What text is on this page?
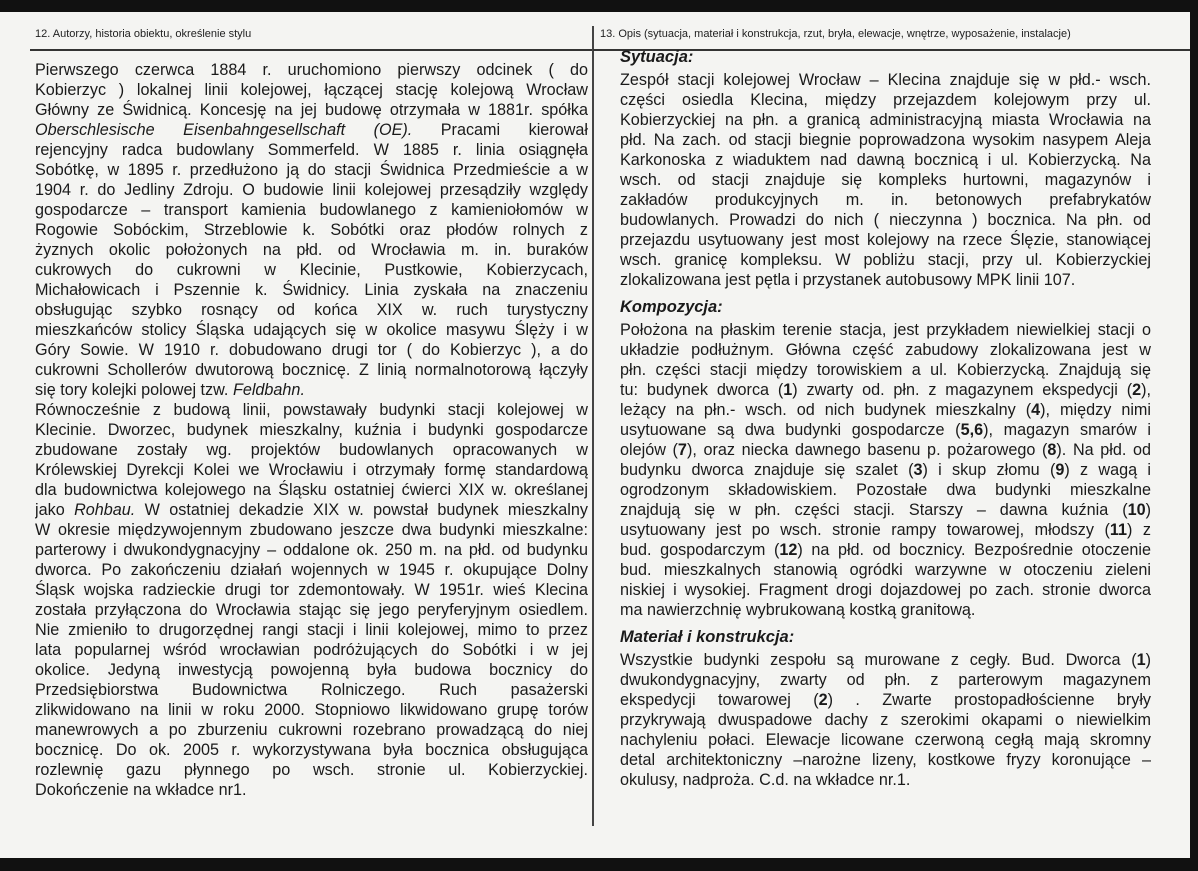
12. Autorzy, historia obiektu, określenie stylu	13. Opis (sytuacja, materiał i konstrukcja, rzut, bryła, elewacje, wnętrze, wyposażenie, instalacje)
Pierwszego czerwca 1884 r. uruchomiono pierwszy odcinek ( do
Kobierzyc ) lokalnej linii kolejowej, łączącej stację kolejową Wrocław
Główny ze Świdnicą. Koncesję na jej budowę otrzymała w 1881r. spółka
Oberschlesische Eisenbahngesellschaft (OE). Pracami kierował
rejencyjny radca budowlany Sommerfeld. W 1885 r. linia osiągnęła
Sobótkę, w 1895 r. przedłużono ją do stacji Świdnica Przedmieście a w
1904 r. do Jedliny Zdroju. O budowie linii kolejowej przesądziły względy
gospodarcze – transport kamienia budowlanego z kamieniołomów w
Rogowie Sobóckim, Strzeblowie k. Sobótki oraz płodów rolnych z
żyznych okolic położonych na płd. od Wrocławia m. in. buraków
cukrowych do cukrowni w Klecinie, Pustkowie, Kobierzycach,
Michałowicach i Pszennie k. Świdnicy. Linia zyskała na znaczeniu
obsługując szybko rosnący od końca XIX w. ruch turystyczny
mieszkańców stolicy Śląska udających się w okolice masywu Ślęży i w
Góry Sowie. W 1910 r. dobudowano drugi tor ( do Kobierzyc ), a do
cukrowni Schollerów dwutorową bocznicę. Z linią normalnotorową łączyły
się tory kolejki polowej tzw. Feldbahn.
Równocześnie z budową linii, powstawały budynki stacji kolejowej w
Klecinie. Dworzec, budynek mieszkalny, kuźnia i budynki gospodarcze
zbudowane zostały wg. projektów budowlanych opracowanych w
Królewskiej Dyrekcji Kolei we Wrocławiu i otrzymały formę standardową
dla budownictwa kolejowego na Śląsku ostatniej ćwierci XIX w. określanej
jako Rohbau. W ostatniej dekadzie XIX w. powstał budynek mieszkalny
W okresie międzywojennym zbudowano jeszcze dwa budynki mieszkalne:
parterowy i dwukondygnacyjny – oddalone ok. 250 m. na płd. od budynku
dworca. Po zakończeniu działań wojennych w 1945 r. okupujące Dolny
Śląsk wojska radzieckie drugi tor zdemontowały. W 1951r. wieś Klecina
została przyłączona do Wrocławia stając się jego peryferyjnym osiedlem.
Nie zmieniło to drugorzędnej rangi stacji i linii kolejowej, mimo to przez
lata popularnej wśród wrocławian podróżujących do Sobótki i w jej
okolice. Jedyną inwestycją powojenną była budowa bocznicy do
Przedsiębiorstwa Budownictwa Rolniczego. Ruch pasażerski
zlikwidowano na linii w roku 2000. Stopniowo likwidowano grupę torów
manewrowych a po zburzeniu cukrowni rozebrano prowadzącą do niej
bocznicę. Do ok. 2005 r. wykorzystywana była bocznica obsługująca
rozlewnię gazu płynnego po wsch. stronie ul. Kobierzyckiej.
Dokończenie na wkładce nr1.
Sytuacja:
Zespół stacji kolejowej Wrocław – Klecina znajduje się w płd.- wsch.
części osiedla Klecina, między przejazdem kolejowym przy ul.
Kobierzyckiej na płn. a granicą administracyjną miasta Wrocławia na
płd. Na zach. od stacji biegnie poprowadzona wysokim nasypem Aleja
Karkonoska z wiaduktem nad dawną bocznicą i ul. Kobierzycką. Na
wsch. od stacji znajduje się kompleks hurtowni, magazynów i
zakładów produkcyjnych m. in. betonowych prefabrykatów
budowlanych. Prowadzi do nich ( nieczynna ) bocznica. Na płn. od
przejazdu usytuowany jest most kolejowy na rzece Ślęzie, stanowiącej
wsch. granicę kompleksu. W pobliżu stacji, przy ul. Kobierzyckiej
zlokalizowana jest pętla i przystanek autobusowy MPK linii 107.
Kompozycja:
Położona na płaskim terenie stacja, jest przykładem niewielkiej stacji o
układzie podłużnym. Główna część zabudowy zlokalizowana jest w
płn. części stacji między torowiskiem a ul. Kobierzycką. Znajdują się
tu: budynek dworca (1) zwarty od. płn. z magazynem ekspedycji (2),
leżący na płn.- wsch. od nich budynek mieszkalny (4), między nimi
usytuowane są dwa budynki gospodarcze (5,6), magazyn smarów i
olejów (7), oraz niecka dawnego basenu p. pożarowego (8). Na płd. od
budynku dworca znajduje się szalet (3) i skup złomu (9) z wagą i
ogrodzonym składowiskiem. Pozostałe dwa budynki mieszkalne
znajdują się w płn. części stacji. Starszy – dawna kuźnia (10)
usytuowany jest po wsch. stronie rampy towarowej, młodszy (11) z
bud. gospodarczym (12) na płd. od bocznicy. Bezpośrednie otoczenie
bud. mieszkalnych stanowią ogródki warzywne w otoczeniu zieleni
niskiej i wysokiej. Fragment drogi dojazdowej po zach. stronie dworca
ma nawierzchnię wybrukowaną kostką granitową.
Materiał i konstrukcja:
Wszystkie budynki zespołu są murowane z cegły. Bud. Dworca (1)
dwukondygnacyjny, zwarty od płn. z parterowym magazynem
ekspedycji towarowej (2) . Zwarte prostopadłościenne bryły
przykrywają dwuspadowe dachy z szerokimi okapami o niewielkim
nachyleniu połaci. Elewacje licowane czerwoną cegłą mają skromny
detal architektoniczny –narożne lizeny, kostkowe fryzy koronujące –
okulusy, nadproża. C.d. na wkładce nr.1.
